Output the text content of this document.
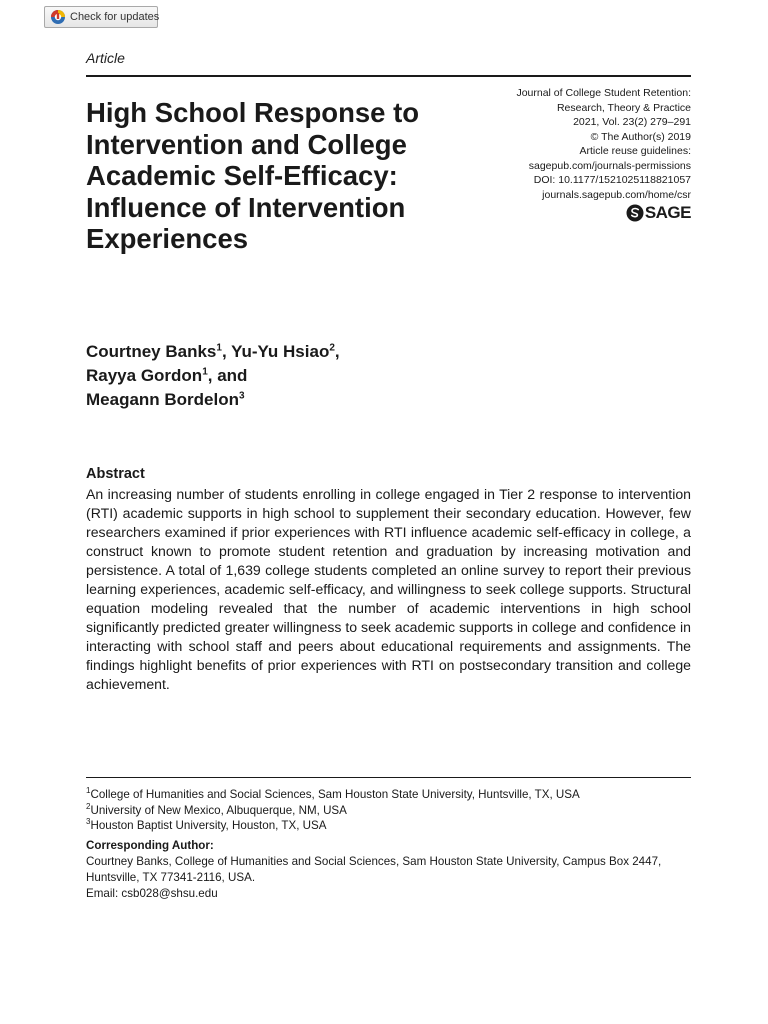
Check for updates
Article
High School Response to Intervention and College Academic Self-Efficacy: Influence of Intervention Experiences
Journal of College Student Retention:
Research, Theory & Practice
2021, Vol. 23(2) 279–291
© The Author(s) 2019
Article reuse guidelines:
sagepub.com/journals-permissions
DOI: 10.1177/1521025118821057
journals.sagepub.com/home/csr
SAGE
Courtney Banks$^1$, Yu-Yu Hsiao$^2$,
Rayya Gordon$^1$, and
Meagann Bordelon$^3$
Abstract

An increasing number of students enrolling in college engaged in Tier 2 response to intervention (RTI) academic supports in high school to supplement their secondary education. However, few researchers examined if prior experiences with RTI influence academic self-efficacy in college, a construct known to promote student retention and graduation by increasing motivation and persistence. A total of 1,639 college students completed an online survey to report their previous learning experiences, academic self-efficacy, and willingness to seek college supports. Structural equation modeling revealed that the number of academic interventions in high school significantly predicted greater willingness to seek academic supports in college and confidence in interacting with school staff and peers about educational requirements and assignments. The findings highlight benefits of prior experiences with RTI on postsecondary transition and college achievement.

$^1$College of Humanities and Social Sciences, Sam Houston State University, Huntsville, TX, USA
$^2$University of New Mexico, Albuquerque, NM, USA
$^3$Houston Baptist University, Houston, TX, USA
Corresponding Author:
Courtney Banks, College of Humanities and Social Sciences, Sam Houston State University, Campus Box 2447, Huntsville, TX 77341-2116, USA.
Email: csb028@shsu.edu
